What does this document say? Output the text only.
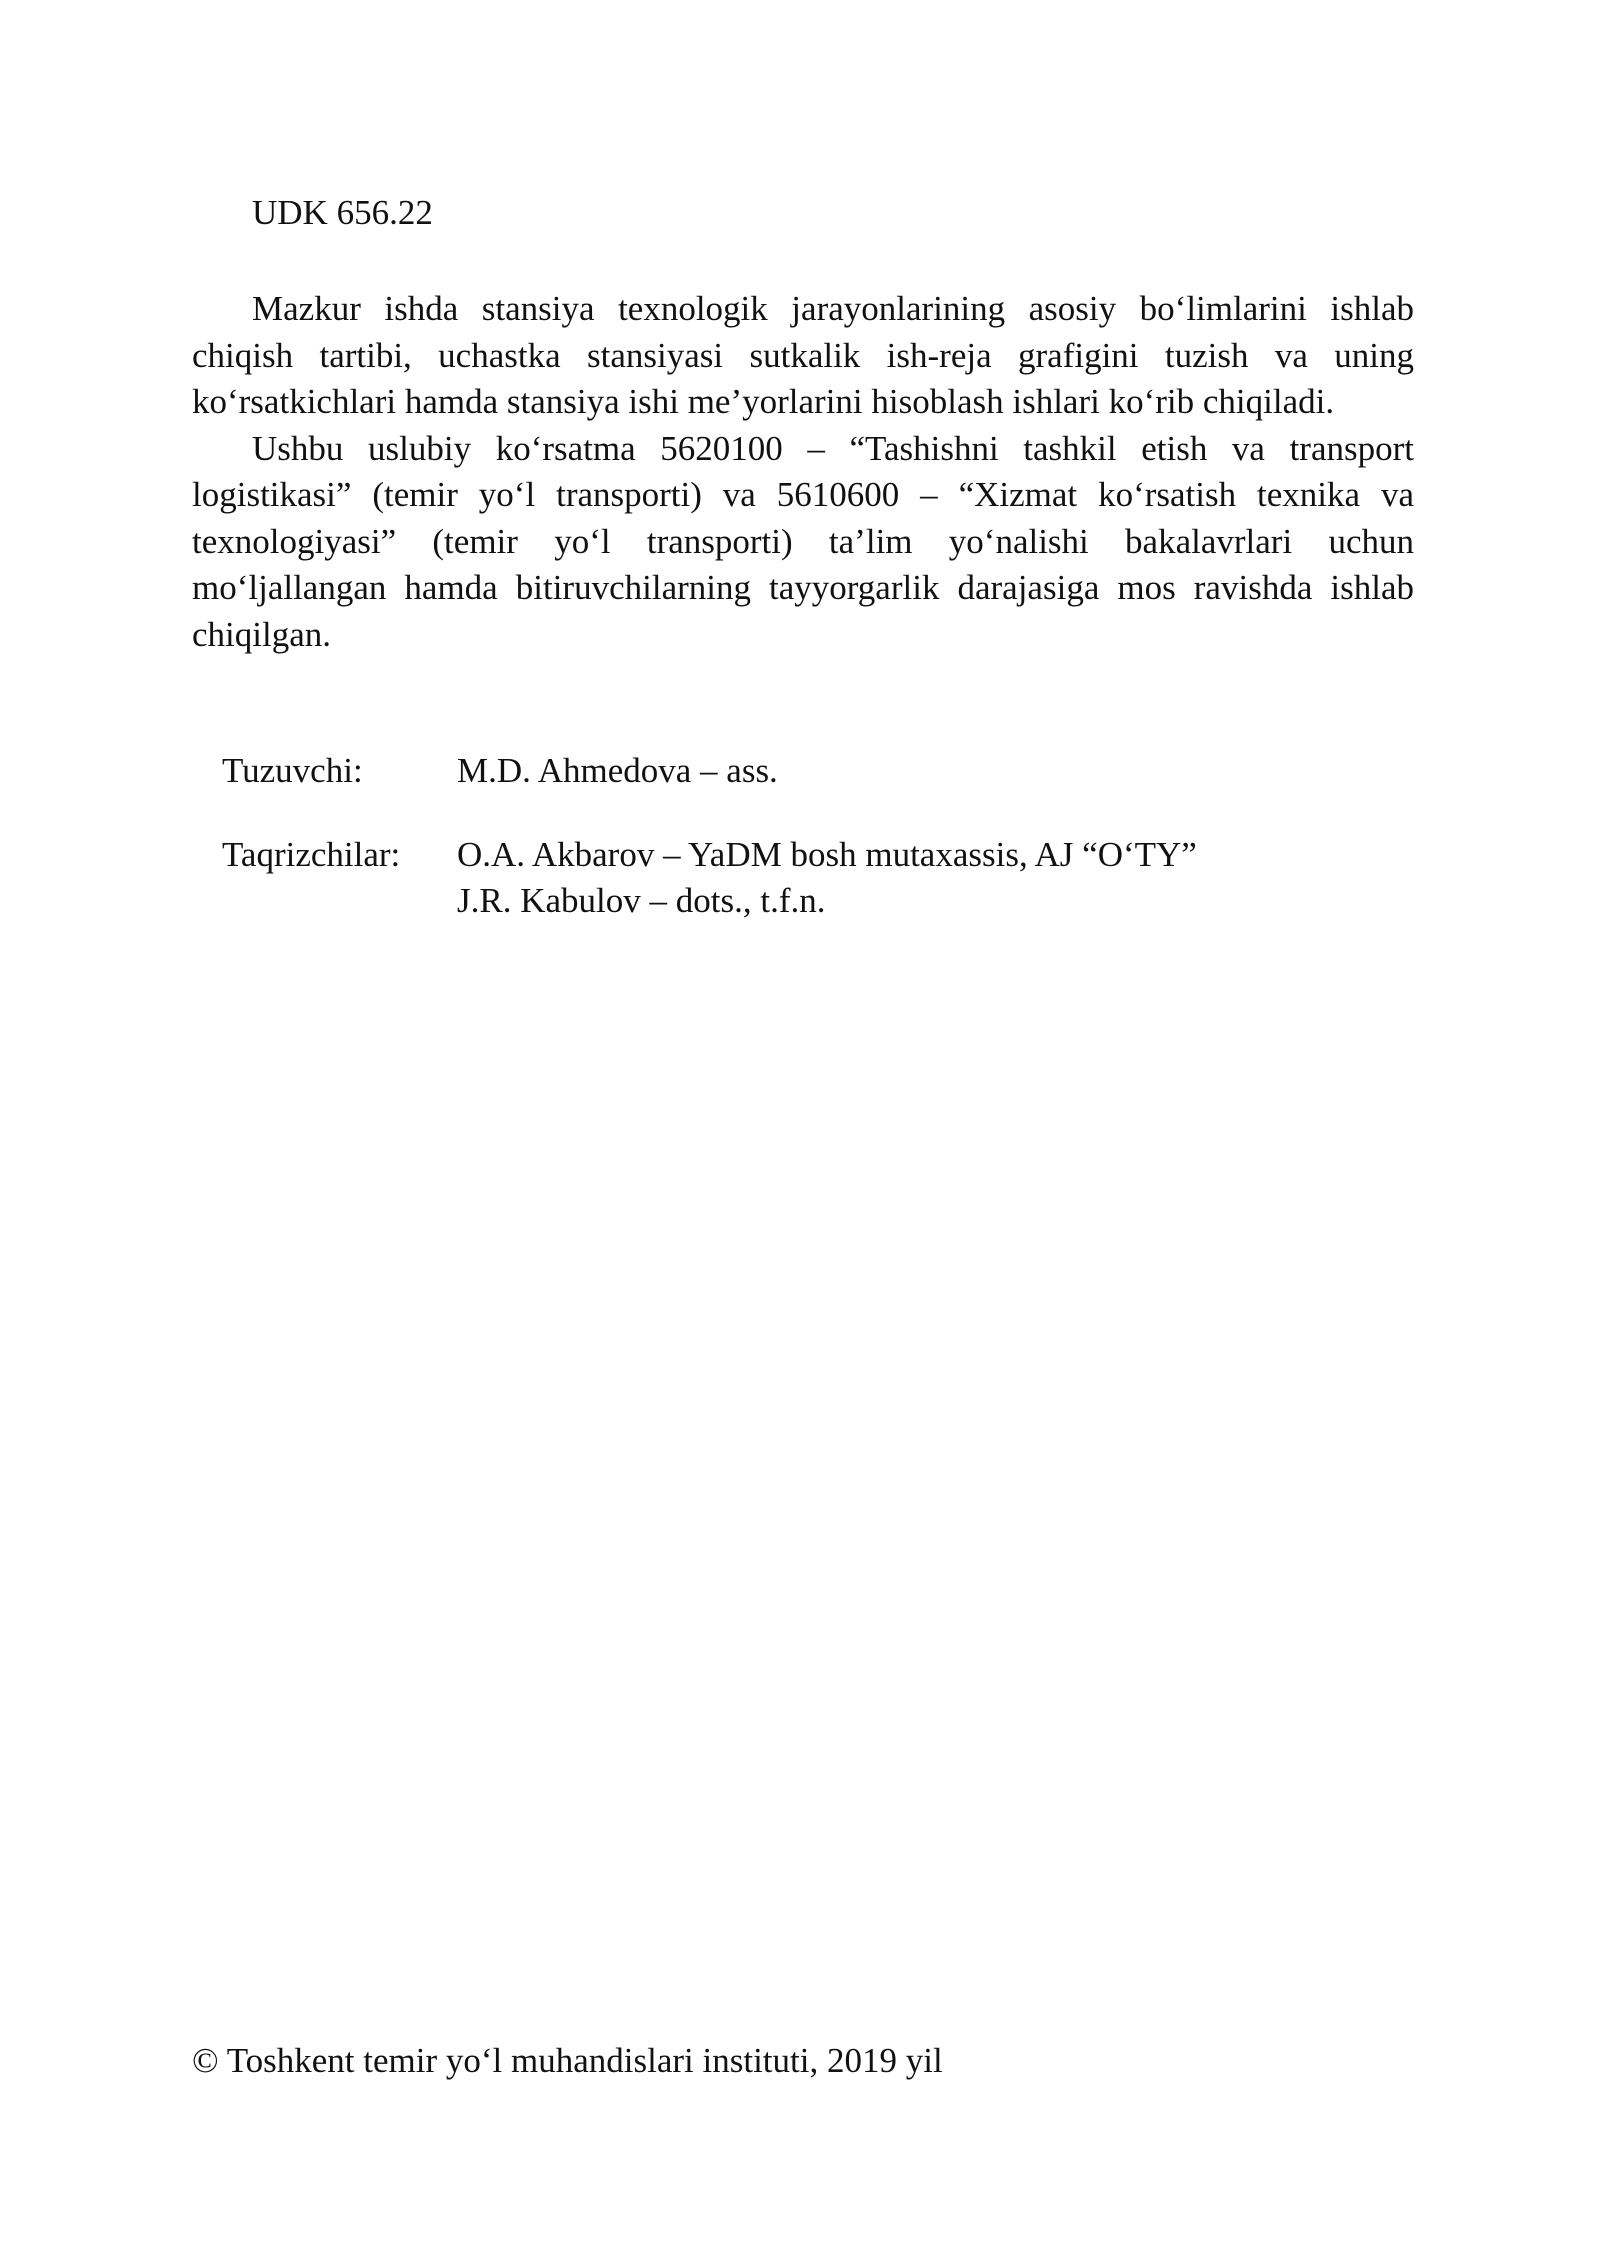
UDK 656.22

Mazkur ishda stansiya texnologik jarayonlarining asosiy bo‘limlarini ishlab chiqish tartibi, uchastka stansiyasi sutkalik ish-reja grafigini tuzish va uning ko‘rsatkichlari hamda stansiya ishi me’yorlarini hisoblash ishlari ko‘rib chiqiladi.

Ushbu uslubiy ko‘rsatma 5620100 – “Tashishni tashkil etish va transport logistikasi” (temir yo‘l transporti) va 5610600 – “Xizmat ko‘rsatish texnika va texnologiyasi” (temir yo‘l transporti) ta’lim yo‘nalishi bakalavrlari uchun mo‘ljallangan hamda bitiruvchilarning tayyorgarlik darajasiga mos ravishda ishlab chiqilgan.

Tuzuvchi:	M.D. Ahmedova – ass.
Taqrizchilar:	O.A. Akbarov – YaDM bosh mutaxassis, AJ “O‘TY”
J.R. Kabulov – dots., t.f.n.

© Toshkent temir yo‘l muhandislari instituti, 2019 yil
